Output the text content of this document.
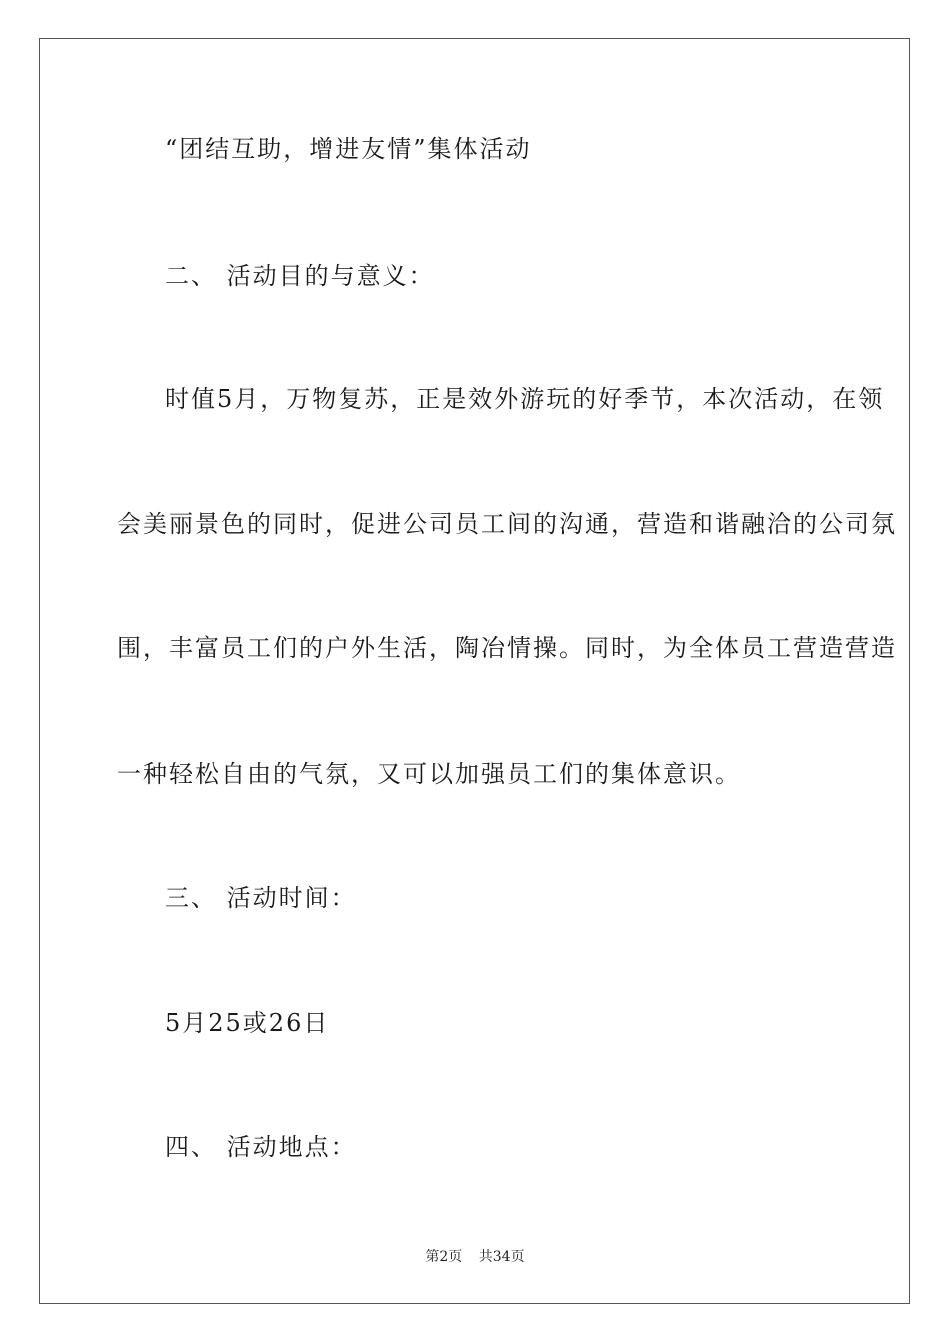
“团结互助，增进友情”集体活动
二、 活动目的与意义：
时值5月，万物复苏，正是效外游玩的好季节，本次活动，在领
会美丽景色的同时，促进公司员工间的沟通，营造和谐融洽的公司氛
围，丰富员工们的户外生活，陶冶情操。同时，为全体员工营造营造
一种轻松自由的气氛，又可以加强员工们的集体意识。
三、 活动时间：
5月25或26日
四、 活动地点：
第2页 共34页
